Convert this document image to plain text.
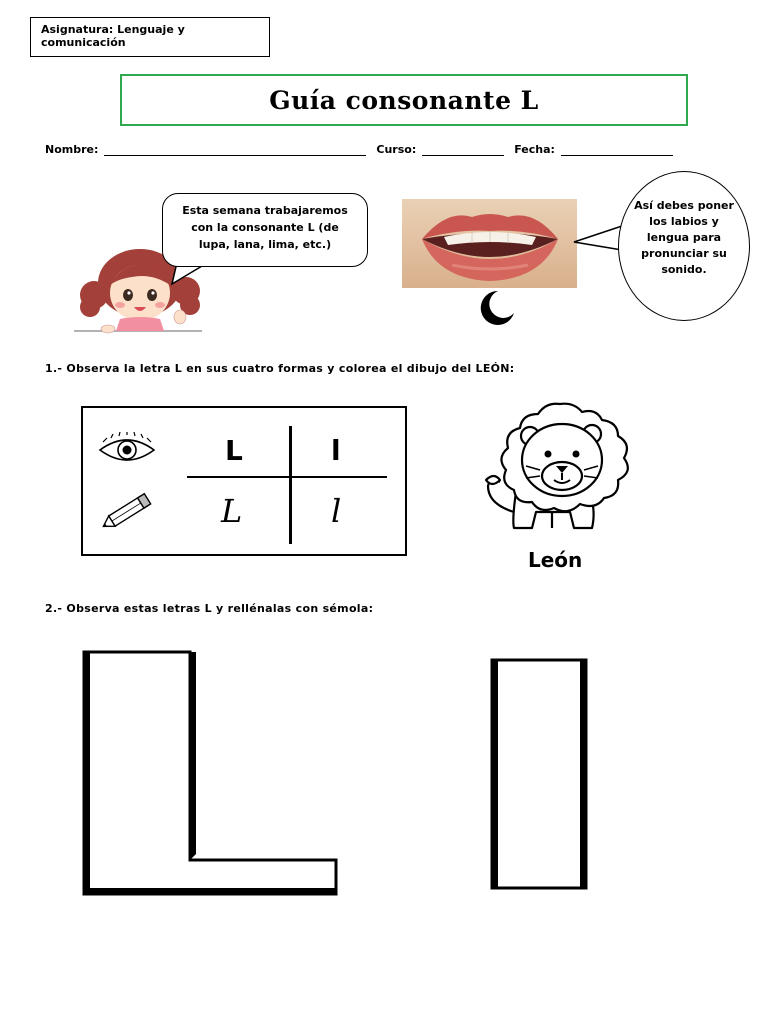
Asignatura: Lenguaje y comunicación
Guía consonante L
Nombre:	Curso:	Fecha:
Esta semana trabajaremos con la consonante L (de lupa, lana, lima, etc.)
Así debes poner los labios y lengua para pronunciar su sonido.
1.- Observa la letra L en sus cuatro formas y colorea el dibujo del LEÓN:
L	l
L	l
León
2.- Observa estas letras L y rellénalas con sémola:
